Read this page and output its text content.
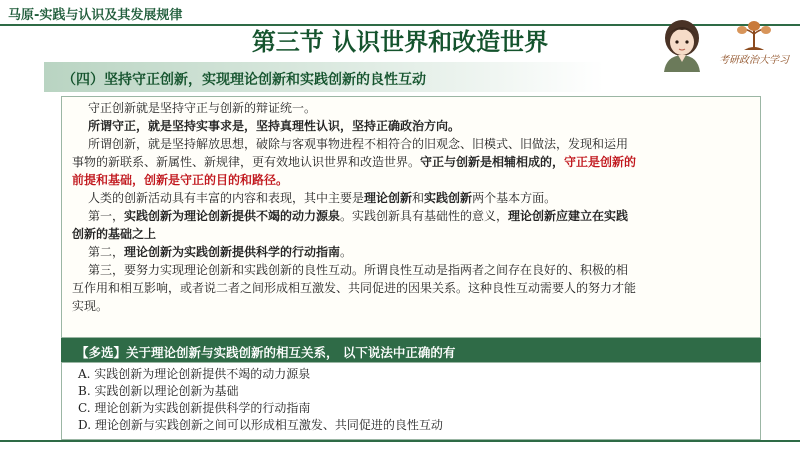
马原-实践与认识及其发展规律
第三节 认识世界和改造世界
考研政治大学习
（四）坚持守正创新，实现理论创新和实践创新的良性互动

守正创新就是坚持守正与创新的辩证统一。

所谓守正，就是坚持实事求是，坚持真理性认识，坚持正确政治方向。

所谓创新，就是坚持解放思想，破除与客观事物进程不相符合的旧观念、旧模式、旧做法，发现和运用

事物的新联系、新属性、新规律，更有效地认识世界和改造世界。守正与创新是相辅相成的，守正是创新的

前提和基础，创新是守正的目的和路径。

人类的创新活动具有丰富的内容和表现，其中主要是理论创新和实践创新两个基本方面。

第一，实践创新为理论创新提供不竭的动力源泉。实践创新具有基础性的意义，理论创新应建立在实践

创新的基础之上

第二，理论创新为实践创新提供科学的行动指南。

第三，要努力实现理论创新和实践创新的良性互动。所谓良性互动是指两者之间存在良好的、积极的相

互作用和相互影响，或者说二者之间形成相互激发、共同促进的因果关系。这种良性互动需要人的努力才能

实现。

【多选】关于理论创新与实践创新的相互关系， 以下说法中正确的有
A. 实践创新为理论创新提供不竭的动力源泉
B. 实践创新以理论创新为基础
C. 理论创新为实践创新提供科学的行动指南
D. 理论创新与实践创新之间可以形成相互激发、共同促进的良性互动
